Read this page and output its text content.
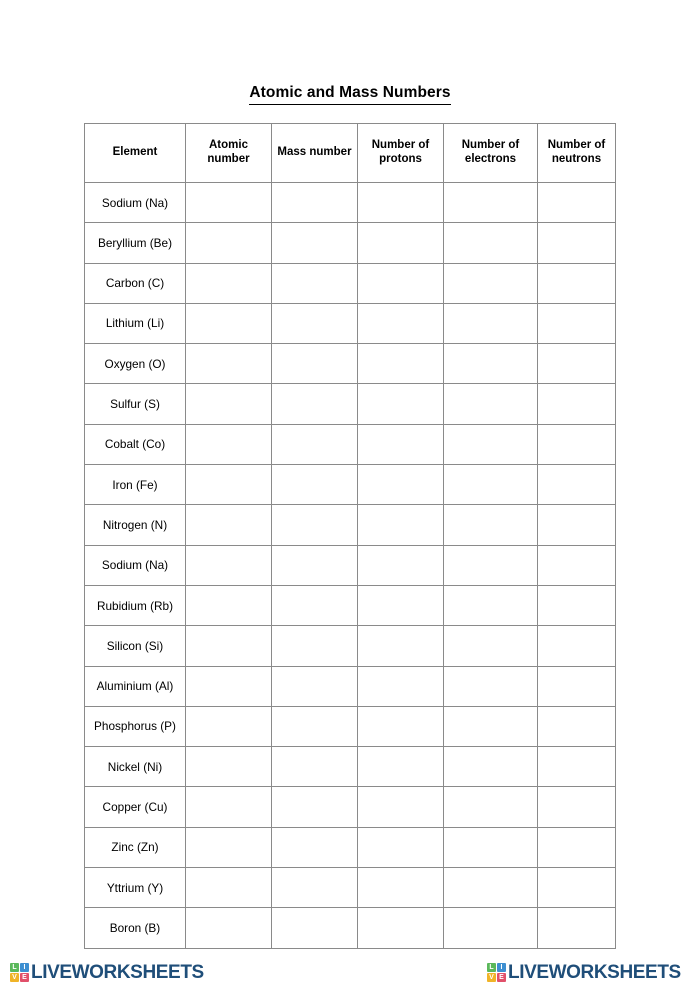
Atomic and Mass Numbers
Element	Atomic number	Mass number	Number of protons	Number of electrons	Number of neutrons
Sodium (Na)					
Beryllium (Be)					
Carbon (C)					
Lithium (Li)					
Oxygen (O)					
Sulfur (S)					
Cobalt (Co)					
Iron (Fe)					
Nitrogen (N)					
Sodium (Na)					
Rubidium (Rb)					
Silicon (Si)					
Aluminium (Al)					
Phosphorus (P)					
Nickel (Ni)					
Copper (Cu)					
Zinc (Zn)					
Yttrium (Y)					
Boron (B)					
L I
V E LIVEWORKSHEETS	L I
V E LIVEWORKSHEETS
